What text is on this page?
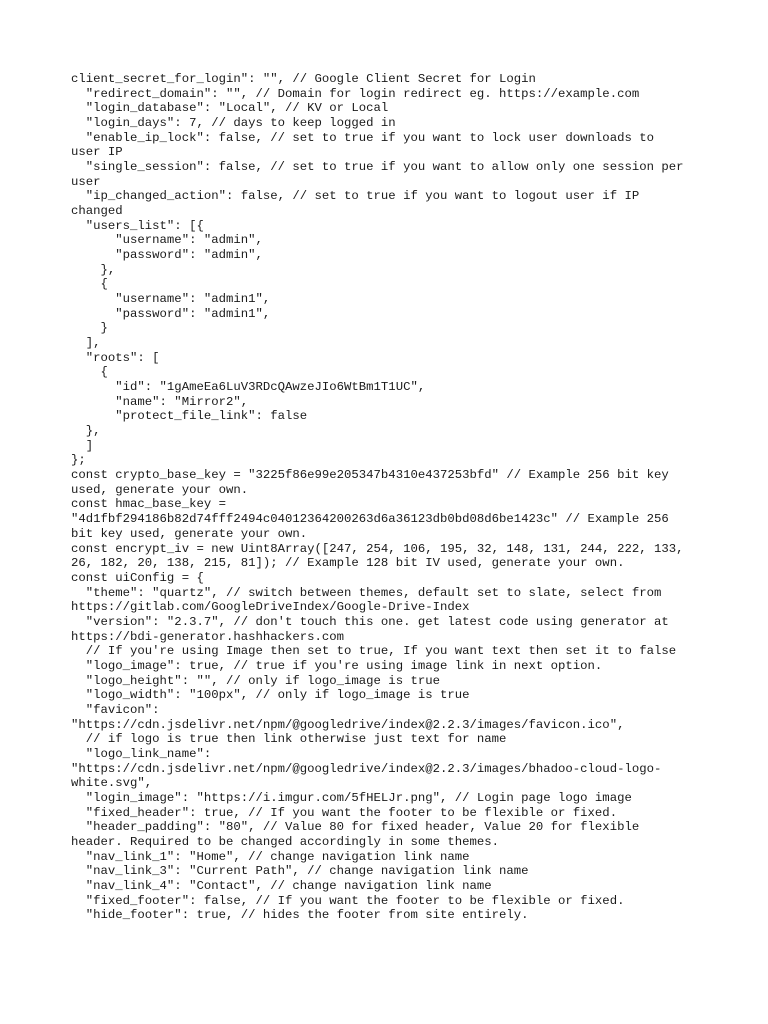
client_secret_for_login": "", // Google Client Secret for Login
"redirect_domain": "", // Domain for login redirect eg. https://example.com
"login_database": "Local", // KV or Local
"login_days": 7, // days to keep logged in
"enable_ip_lock": false, // set to true if you want to lock user downloads to
user IP
"single_session": false, // set to true if you want to allow only one session per
user
"ip_changed_action": false, // set to true if you want to logout user if IP
changed
"users_list": [{
"username": "admin",
"password": "admin",
},
{
"username": "admin1",
"password": "admin1",
}
],
"roots": [
{
"id": "1gAmeEa6LuV3RDcQAwzeJIo6WtBm1T1UC",
"name": "Mirror2",
"protect_file_link": false
},
]
};
const crypto_base_key = "3225f86e99e205347b4310e437253bfd" // Example 256 bit key
used, generate your own.
const hmac_base_key =
"4d1fbf294186b82d74fff2494c04012364200263d6a36123db0bd08d6be1423c" // Example 256
bit key used, generate your own.
const encrypt_iv = new Uint8Array([247, 254, 106, 195, 32, 148, 131, 244, 222, 133,
26, 182, 20, 138, 215, 81]); // Example 128 bit IV used, generate your own.
const uiConfig = {
"theme": "quartz", // switch between themes, default set to slate, select from
https://gitlab.com/GoogleDriveIndex/Google-Drive-Index
"version": "2.3.7", // don't touch this one. get latest code using generator at
https://bdi-generator.hashhackers.com
// If you're using Image then set to true, If you want text then set it to false
"logo_image": true, // true if you're using image link in next option.
"logo_height": "", // only if logo_image is true
"logo_width": "100px", // only if logo_image is true
"favicon":
"https://cdn.jsdelivr.net/npm/@googledrive/index@2.2.3/images/favicon.ico",
// if logo is true then link otherwise just text for name
"logo_link_name":
"https://cdn.jsdelivr.net/npm/@googledrive/index@2.2.3/images/bhadoo-cloud-logo-
white.svg",
"login_image": "https://i.imgur.com/5fHELJr.png", // Login page logo image
"fixed_header": true, // If you want the footer to be flexible or fixed.
"header_padding": "80", // Value 80 for fixed header, Value 20 for flexible
header. Required to be changed accordingly in some themes.
"nav_link_1": "Home", // change navigation link name
"nav_link_3": "Current Path", // change navigation link name
"nav_link_4": "Contact", // change navigation link name
"fixed_footer": false, // If you want the footer to be flexible or fixed.
"hide_footer": true, // hides the footer from site entirely.
